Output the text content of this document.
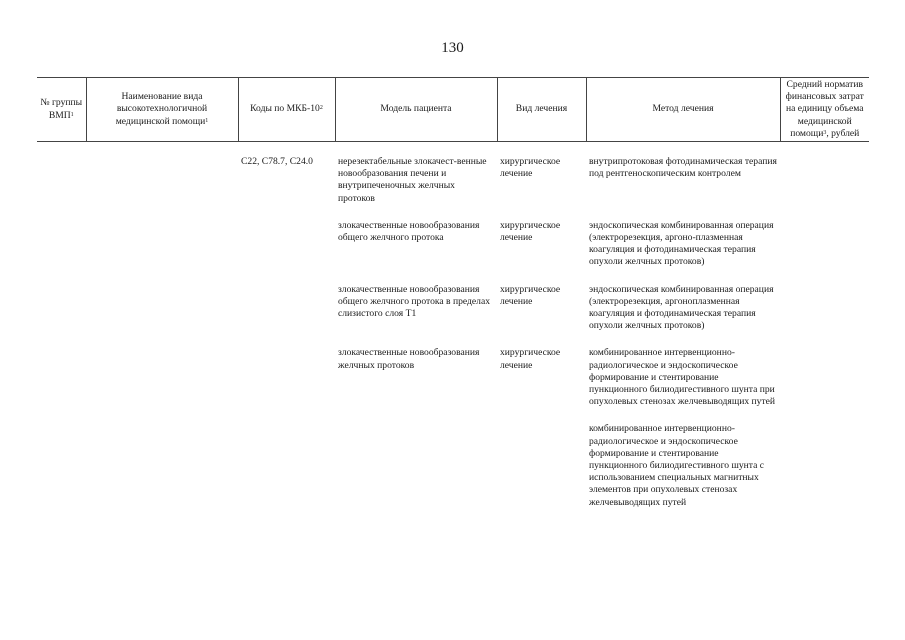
130
№ группы ВМП$^1$	Наименование вида высокотехнологичной медицинской помощи$^1$	Коды по МКБ-$10^2$	Модель пациента	Вид лечения	Метод лечения	Средний норматив финансовых затрат на единицу объема медицинской помощи$^3$, рублей
		C22, C78.7, C24.0	нерезектабельные злокачест-венные новообразования печени и внутрипеченочных желчных протоков	хирургическое лечение	внутрипротоковая фотодинамическая терапия под рентгеноскопическим контролем	
			злокачественные новообразования общего желчного протока	хирургическое лечение	эндоскопическая комбинированная операция (электрорезекция, аргоно-плазменная коагуляция и фотодинамическая терапия опухоли желчных протоков)	
			злокачественные новообразования общего желчного протока в пределах слизистого слоя T1	хирургическое лечение	эндоскопическая комбинированная операция (электрорезекция, аргоноплазменная коагуляция и фотодинамическая терапия опухоли желчных протоков)	
			злокачественные новообразования желчных протоков	хирургическое лечение	комбинированное интервенционно-радиологическое и эндоскопическое формирование и стентирование пункционного билиодигестивного шунта при опухолевых стенозах желчевыводящих путей	
					комбинированное интервенционно-радиологическое и эндоскопическое формирование и стентирование пункционного билиодигестивного шунта с использованием специальных магнитных элементов при опухолевых стенозах желчевыводящих путей	
